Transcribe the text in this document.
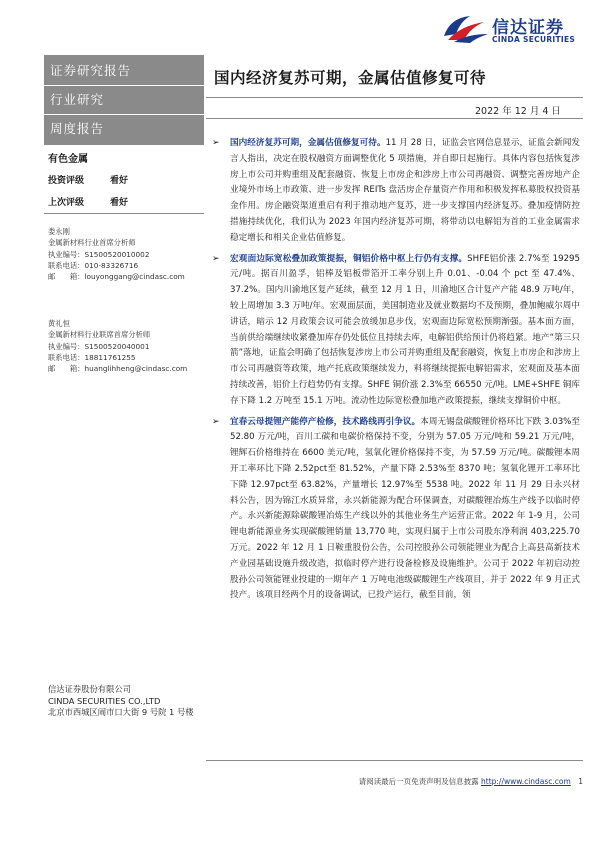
信达证券
CINDA SECURITIES
证券研究报告
行业研究
周度报告
有色金属
投资评级	看好
上次评级	看好
娄永刚
金属新材料行业首席分析师
执业编号：S1500520010002
联系电话：010-83326716
邮　　箱：louyonggang@cindasc.com
黄礼恒
金属新材料行业联席首席分析师
执业编号：S1500520040001
联系电话：18811761255
邮　　箱：huanglihheng@cindasc.com
信达证券股份有限公司
CINDA SECURITIES CO.,LTD
北京市西城区闹市口大街 9 号院 1 号楼
国内经济复苏可期，金属估值修复可待
2022 年 12 月 4 日
➢ 国内经济复苏可期，金属估值修复可待。11 月 28 日，证监会官网信息显示，证监会新闻发言人指出，决定在股权融资方面调整优化 5 项措施，并自即日起施行。具体内容包括恢复涉房上市公司并购重组及配套融资、恢复上市房企和涉房上市公司再融资、调整完善房地产企业境外市场上市政策、进一步发挥 REITs 盘活房企存量资产作用和积极发挥私募股权投资基金作用。房企融资渠道重启有利于推动地产复苏，进一步支撑国内经济复苏。叠加疫情防控措施持续优化，我们认为 2023 年国内经济复苏可期，将带动以电解铝为首的工业金属需求稳定增长和相关企业估值修复。
➢ 宏观面边际宽松叠加政策提振，铜铝价格中枢上行仍有支撑。SHFE铝价涨 2.7%至 19295 元/吨。据百川盈孚，铝棒及铝板带箔开工率分别上升 0.01、-0.04 个 pct 至 47.4%、37.2%。国内川渝地区复产延续，截至 12 月 1 日，川渝地区合计复产产能 48.9 万吨/年，较上周增加 3.3 万吨/年。宏观面层面，美国制造业及就业数据均不及预期，叠加鲍威尔周中讲话，暗示 12 月政策会议可能会放缓加息步伐，宏观面边际宽松预期渐强。基本面方面，当前供给端继续收紧叠加库存仍处低位且持续去库，电解铝供给预计仍将趋紧。地产“第三只箭”落地，证监会明确了包括恢复涉房上市公司并购重组及配套融资，恢复上市房企和涉房上市公司再融资等政策，地产托底政策继续发力，料将继续提振电解铝需求，宏观面及基本面持续改善，铝价上行趋势仍有支撑。SHFE 铜价涨 2.3%至 66550 元/吨。LME+SHFE 铜库存下降 1.2 万吨至 15.1 万吨。流动性边际宽松叠加地产政策提振，继续支撑铜价中枢。
➢ 宜春云母提锂产能停产检修，技术路线再引争议。本周无锡盘碳酸锂价格环比下跌 3.03%至 52.80 万元/吨，百川工碳和电碳价格保持不变，分别为 57.05 万元/吨和 59.21 万元/吨，锂辉石价格维持在 6600 美元/吨，氢氧化锂价格保持不变，为 57.59 万元/吨。碳酸锂本周开工率环比下降 2.52pct至 81.52%，产量下降 2.53%至 8370 吨；氢氧化锂开工率环比下降 12.97pct至 63.82%，产量增长 12.97%至 5538 吨。2022 年 11 月 29 日永兴材料公告，因为锦江水质异常，永兴新能源为配合环保调查，对碳酸锂冶炼生产线予以临时停产。永兴新能源除碳酸锂冶炼生产线以外的其他业务生产运营正常。2022 年 1-9 月，公司锂电新能源业务实现碳酸锂销量 13,770 吨，实现归属于上市公司股东净利润 403,225.70 万元。2022 年 12 月 1 日鞍重股份公告，公司控股孙公司领能锂业为配合上高县高新技术产业园基础设施升级改造，拟临时停产进行设备检修及设施维护。公司于 2022 年初启动控股孙公司领能锂业投建的一期年产 1 万吨电池级碳酸锂生产线项目，并于 2022 年 9 月正式投产。该项目经两个月的设备调试，已投产运行，截至目前，领
请阅读最后一页免责声明及信息披露 http://www.cindasc.com 1
